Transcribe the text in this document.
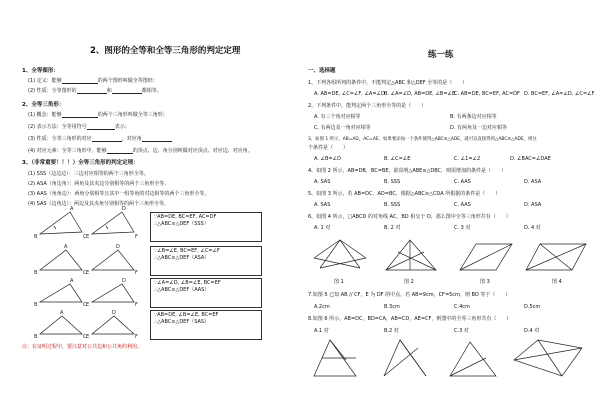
2、图形的全等和全等三角形的判定定理
1、全等图形：
(1) 定义：能够	的两个图形叫做全等图形；
(2) 性质：全等图形的	和	都相等。
2、全等三角形：
(1) 概念：能够	的两个三角形叫做全等三角形；
(2) 表示方法：全等用符号	表示；
(3) 性质：全等三角形的对应	，对应角
(4) 对应元素：全等三角形中，能够	的顶点、边、角分别叫做对应顶点、对应边、对应角。
3、（非常重要！！！）全等三角形的判定定理：
(1) SSS（边边边）：三边对应相等的两个三角形全等。
(2) ASA（角边角）：两角及其夹边分别相等的两个三角形全等。
(3) AAS（角角边）：两角分别相等且其中一组等角的对边相等的两个三角形全等。
(4) SAS（边角边）：两边及其夹角分别相等的两个三角形全等。
B	C
A
E	F
D
B	C
A
E	F
D
B	C
A
E	F
D
B	C
A
E	F
D
∵AB=DE, BC=EF, AC=DF
∴△ABC≌△DEF（SSS）
∵∠B=∠E, BC=EF, ∠C=∠F
∴△ABC≌△DEF（ASA）
∵∠A=∠D, ∠B=∠E, BC=EF
∴△ABC≌△DEF（AAS）
∵AB=DE, ∠B=∠E, BC=EF
∴△ABC≌△DEF（SAS）
注：在证明过程中，要注意对公共边和公共角的利用。
练一练
一、选择题
1、下列各组所列的条件中，不能判定△ABC 和△DEF 全等的是（　　）
A. AB=DE, ∠C=∠F, ∠A=∠D B. ∠A=∠D, AB=DE, ∠B=∠E
C. AB=DE, BC=EF, AC=DF D. BC=EF, ∠A=∠D, ∠C=∠F
2、下列条件中，能判定两个三角形全等的是（　　）
A. 有三个角对应相等	B. 有两条边对应相等
C. 有两边及一角对应相等	D. 有两角及一边对应相等
3、如图 1 所示，AB=AD，AC=AE，如果要添加一个条件使得△ABC≌△ADE，就可以直接得到△ABC≌△ADE，则这
个条件是（　　）
A. ∠B=∠D	B. ∠C=∠E	C. ∠1=∠2	D. ∠BAC=∠DAE
4、如图 2 所示，AB=DB，BC=BE，欲说明△ABE≌△DBC，则需增加的条件是（　　）
A. SAS	B. SSS	C. AAS	D. ASA
5、如图 3 所示，若 AB=DC，AD=BC，根据△ABC≌△CDA 所根据的条件是（　　）
A. SAS	B. SSS	C. AAS	D. ASA
6、如图 4 所示，□ABCD 的对角线 AC、BD 相交于 O，那么图中全等三角形共有（　　）
A. 1 对	B. 2 对	C. 3 对	D. 4 对
图 1	图 2	图 3	图 4
7.如图 5 已知 AB // CF，E 为 DF 的中点，若 AB=9cm，CF=5cm，则 BD 等于（　　）
A.2cm	B.3cm	C.4cm	D.5cm
8.如图 6 所示，AB=DC，BD=CA，AB=CD，AE=CF，则图中的全等三角形共有（　　）
A.1 对	B.2 对	C.3 对	D.4 对
